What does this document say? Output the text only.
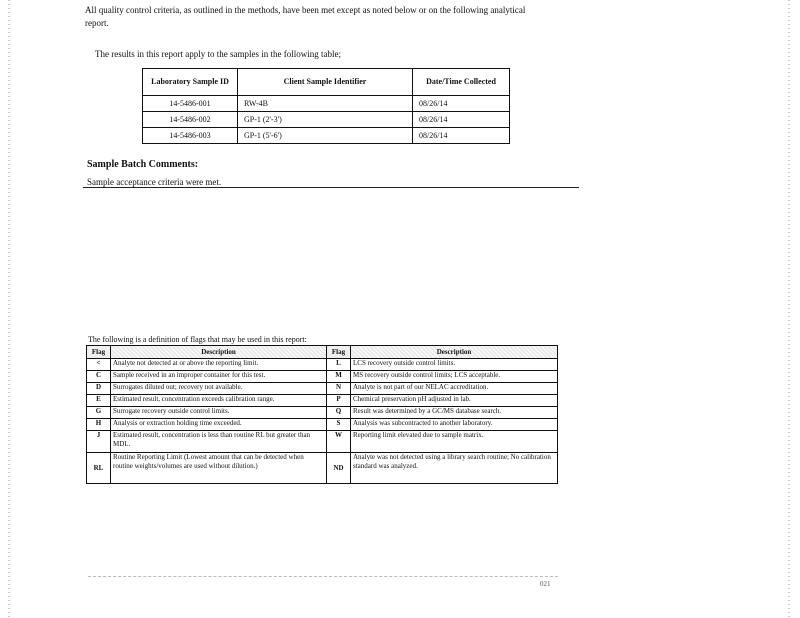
All quality control criteria, as outlined in the methods, have been met except as noted below or on the following analytical report.
The results in this report apply to the samples in the following table;
Laboratory Sample ID	Client Sample Identifier	Date/Time Collected
14-5486-001	RW-4B	08/26/14
14-5486-002	GP-1 (2'-3')	08/26/14
14-5486-003	GP-1 (5'-6')	08/26/14
Sample Batch Comments:
Sample acceptance criteria were met.
The following is a definition of flags that may be used in this report:
Flag	Description	Flag	Description
<	Analyte not detected at or above the reporting limit.	L	LCS recovery outside control limits.
C	Sample received in an improper container for this test.	M	MS recovery outside control limits; LCS acceptable.
D	Surrogates diluted out; recovery not available.	N	Analyte is not part of our NELAC accreditation.
E	Estimated result, concentration exceeds calibration range.	P	Chemical preservation pH adjusted in lab.
G	Surrogate recovery outside control limits.	Q	Result was determined by a GC/MS database search.
H	Analysis or extraction holding time exceeded.	S	Analysis was subcontracted to another laboratory.
J	Estimated result, concentration is less than routine RL but greater than MDL.	W	Reporting limit elevated due to sample matrix.
RL	Routine Reporting Limit (Lowest amount that can be detected when routine weights/volumes are used without dilution.)	ND	Analyte was not detected using a library search routine; No calibration standard was analyzed.
021
